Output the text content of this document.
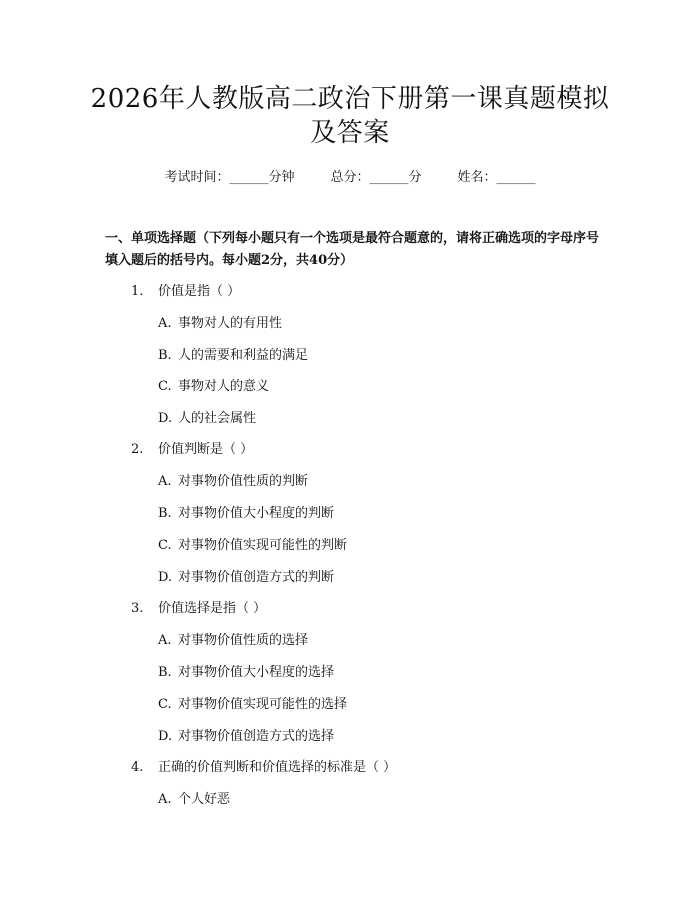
2026年人教版高二政治下册第一课真题模拟
及答案
考试时间：______分钟	总分：______分	姓名：______
一、单项选择题（下列每小题只有一个选项是最符合题意的，请将正确选项的字母序号填入题后的括号内。每小题2分，共40分）
1. 价值是指（ ）
A. 事物对人的有用性
B. 人的需要和利益的满足
C. 事物对人的意义
D. 人的社会属性
2. 价值判断是（ ）
A. 对事物价值性质的判断
B. 对事物价值大小程度的判断
C. 对事物价值实现可能性的判断
D. 对事物价值创造方式的判断
3. 价值选择是指（ ）
A. 对事物价值性质的选择
B. 对事物价值大小程度的选择
C. 对事物价值实现可能性的选择
D. 对事物价值创造方式的选择
4. 正确的价值判断和价值选择的标准是（ ）
A. 个人好恶
